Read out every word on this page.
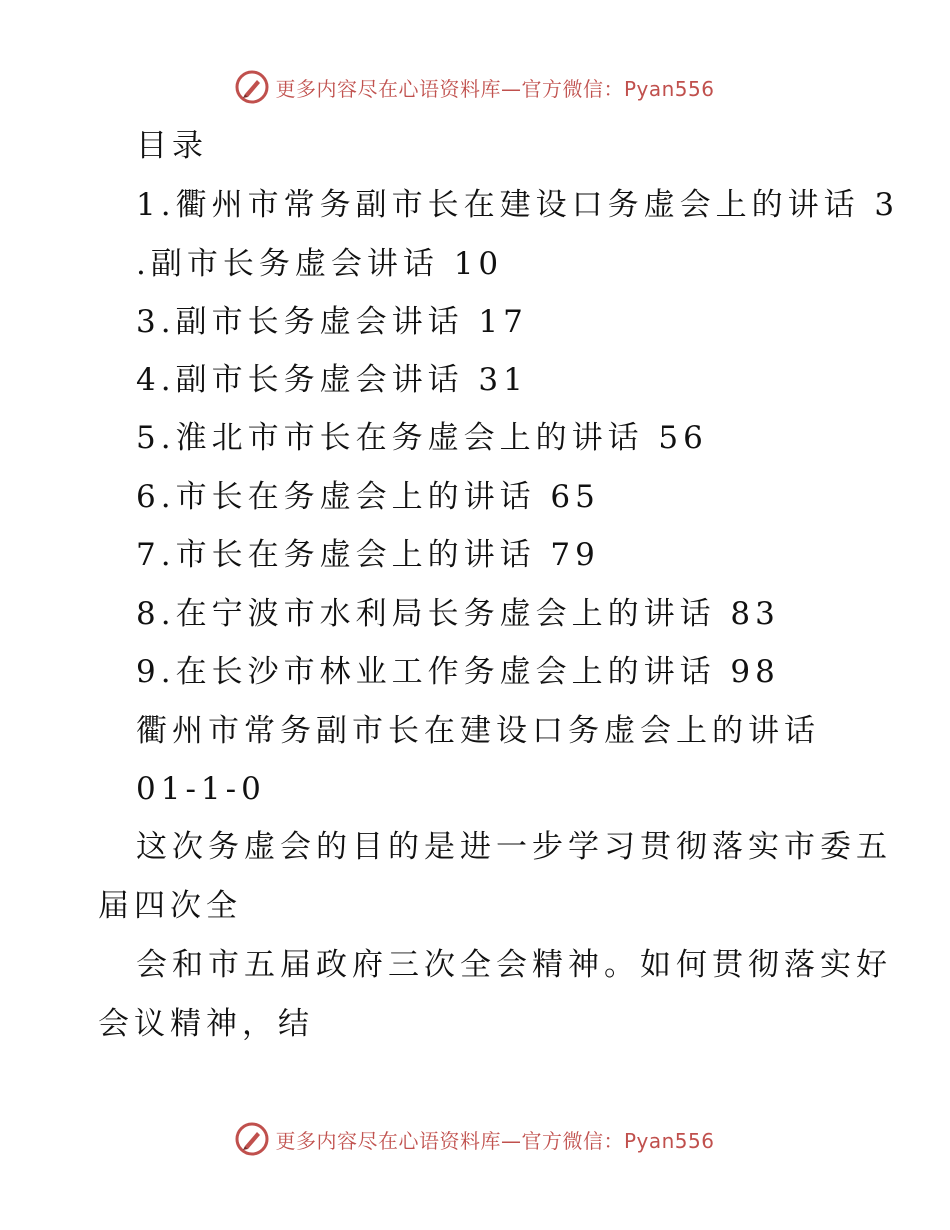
更多内容尽在心语资料库—官方微信：Pyan556
目录
1.衢州市常务副市长在建设口务虚会上的讲话 3
.副市长务虚会讲话 10
3.副市长务虚会讲话 17
4.副市长务虚会讲话 31
5.淮北市市长在务虚会上的讲话 56
6.市长在务虚会上的讲话 65
7.市长在务虚会上的讲话 79
8.在宁波市水利局长务虚会上的讲话 83
9.在长沙市林业工作务虚会上的讲话 98
衢州市常务副市长在建设口务虚会上的讲话
01-1-0
这次务虚会的目的是进一步学习贯彻落实市委五
届四次全
会和市五届政府三次全会精神。如何贯彻落实好
会议精神，结
更多内容尽在心语资料库—官方微信：Pyan556
